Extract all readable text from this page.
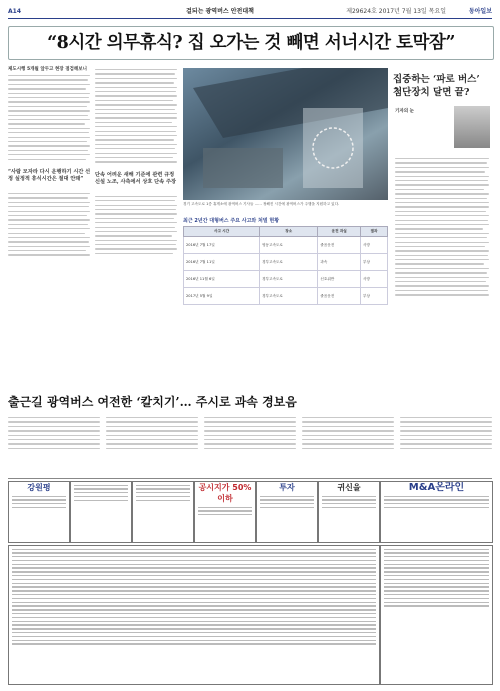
A14	걸되는 광역버스 안전대책	제29624호 2017년 7월 13일 목요일	동아일보
“8시간 의무휴식? 집 오가는 것 빼면 서너시간 토막잠”
제도시행 5개월 앞두고 현장 점검해보니
“사람 모자라 다시 운행하기 시간 선정 실정적 휴식시간은 절대 안돼”
단속 어려운 새해 기준에 관련 규정 신설 노조, 사측에서 상호 단속 주장
경기 고속도로 1층 휴게소에 광역버스 기사들 …… 정해진 시간에 광역버스가 주행을 지원하고 있다.
최근 2년간 대형버스 주요 사고와 처벌 현황
사고 시간	장소	운전 과실	결과
2016년 7월 17일	영동고속도로	졸음운전	사망
2016년 7월 11일	경부고속도로	과속	부상
2016년 11월 6일	경부고속도로	신호위반	사망
2017년 5월 9일	경부고속도로	졸음운전	부상
집중하는 ‘파로 버스’ 첨단장치 달면 끝?
기자의 눈
출근길 광역버스 여전한 ‘칼치기’… 주시로 과속 경보음
강원평	공시지가 50%이하
투자	귀신을	M&A온라인
